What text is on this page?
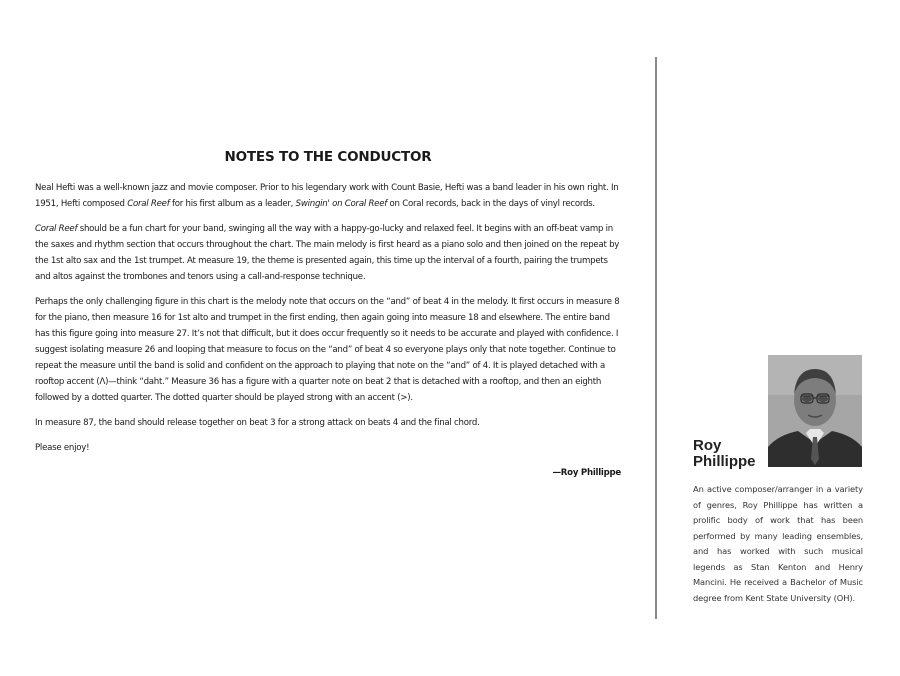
NOTES TO THE CONDUCTOR

Neal Hefti was a well-known jazz and movie composer. Prior to his legendary work with Count Basie, Hefti was a band leader in his own right. In 1951, Hefti composed Coral Reef for his first album as a leader, Swingin' on Coral Reef on Coral records, back in the days of vinyl records.

Coral Reef should be a fun chart for your band, swinging all the way with a happy-go-lucky and relaxed feel. It begins with an off-beat vamp in the saxes and rhythm section that occurs throughout the chart. The main melody is first heard as a piano solo and then joined on the repeat by the 1st alto sax and the 1st trumpet. At measure 19, the theme is presented again, this time up the interval of a fourth, pairing the trumpets and altos against the trombones and tenors using a call-and-response technique.

Perhaps the only challenging figure in this chart is the melody note that occurs on the “and” of beat 4 in the melody. It first occurs in measure 8 for the piano, then measure 16 for 1st alto and trumpet in the first ending, then again going into measure 18 and elsewhere. The entire band has this figure going into measure 27. It’s not that difficult, but it does occur frequently so it needs to be accurate and played with confidence. I suggest isolating measure 26 and looping that measure to focus on the “and” of beat 4 so everyone plays only that note together. Continue to repeat the measure until the band is solid and confident on the approach to playing that note on the “and” of 4. It is played detached with a rooftop accent (Λ)—think “daht.” Measure 36 has a figure with a quarter note on beat 2 that is detached with a rooftop, and then an eighth followed by a dotted quarter. The dotted quarter should be played strong with an accent (>).

In measure 87, the band should release together on beat 3 for a strong attack on beats 4 and the final chord.

Please enjoy!

—Roy Phillippe
Roy
Phillippe
An active composer/arranger in a variety of genres, Roy Phillippe has written a prolific body of work that has been performed by many leading ensembles, and has worked with such musical legends as Stan Kenton and Henry Mancini. He received a Bachelor of Music degree from Kent State University (OH).
